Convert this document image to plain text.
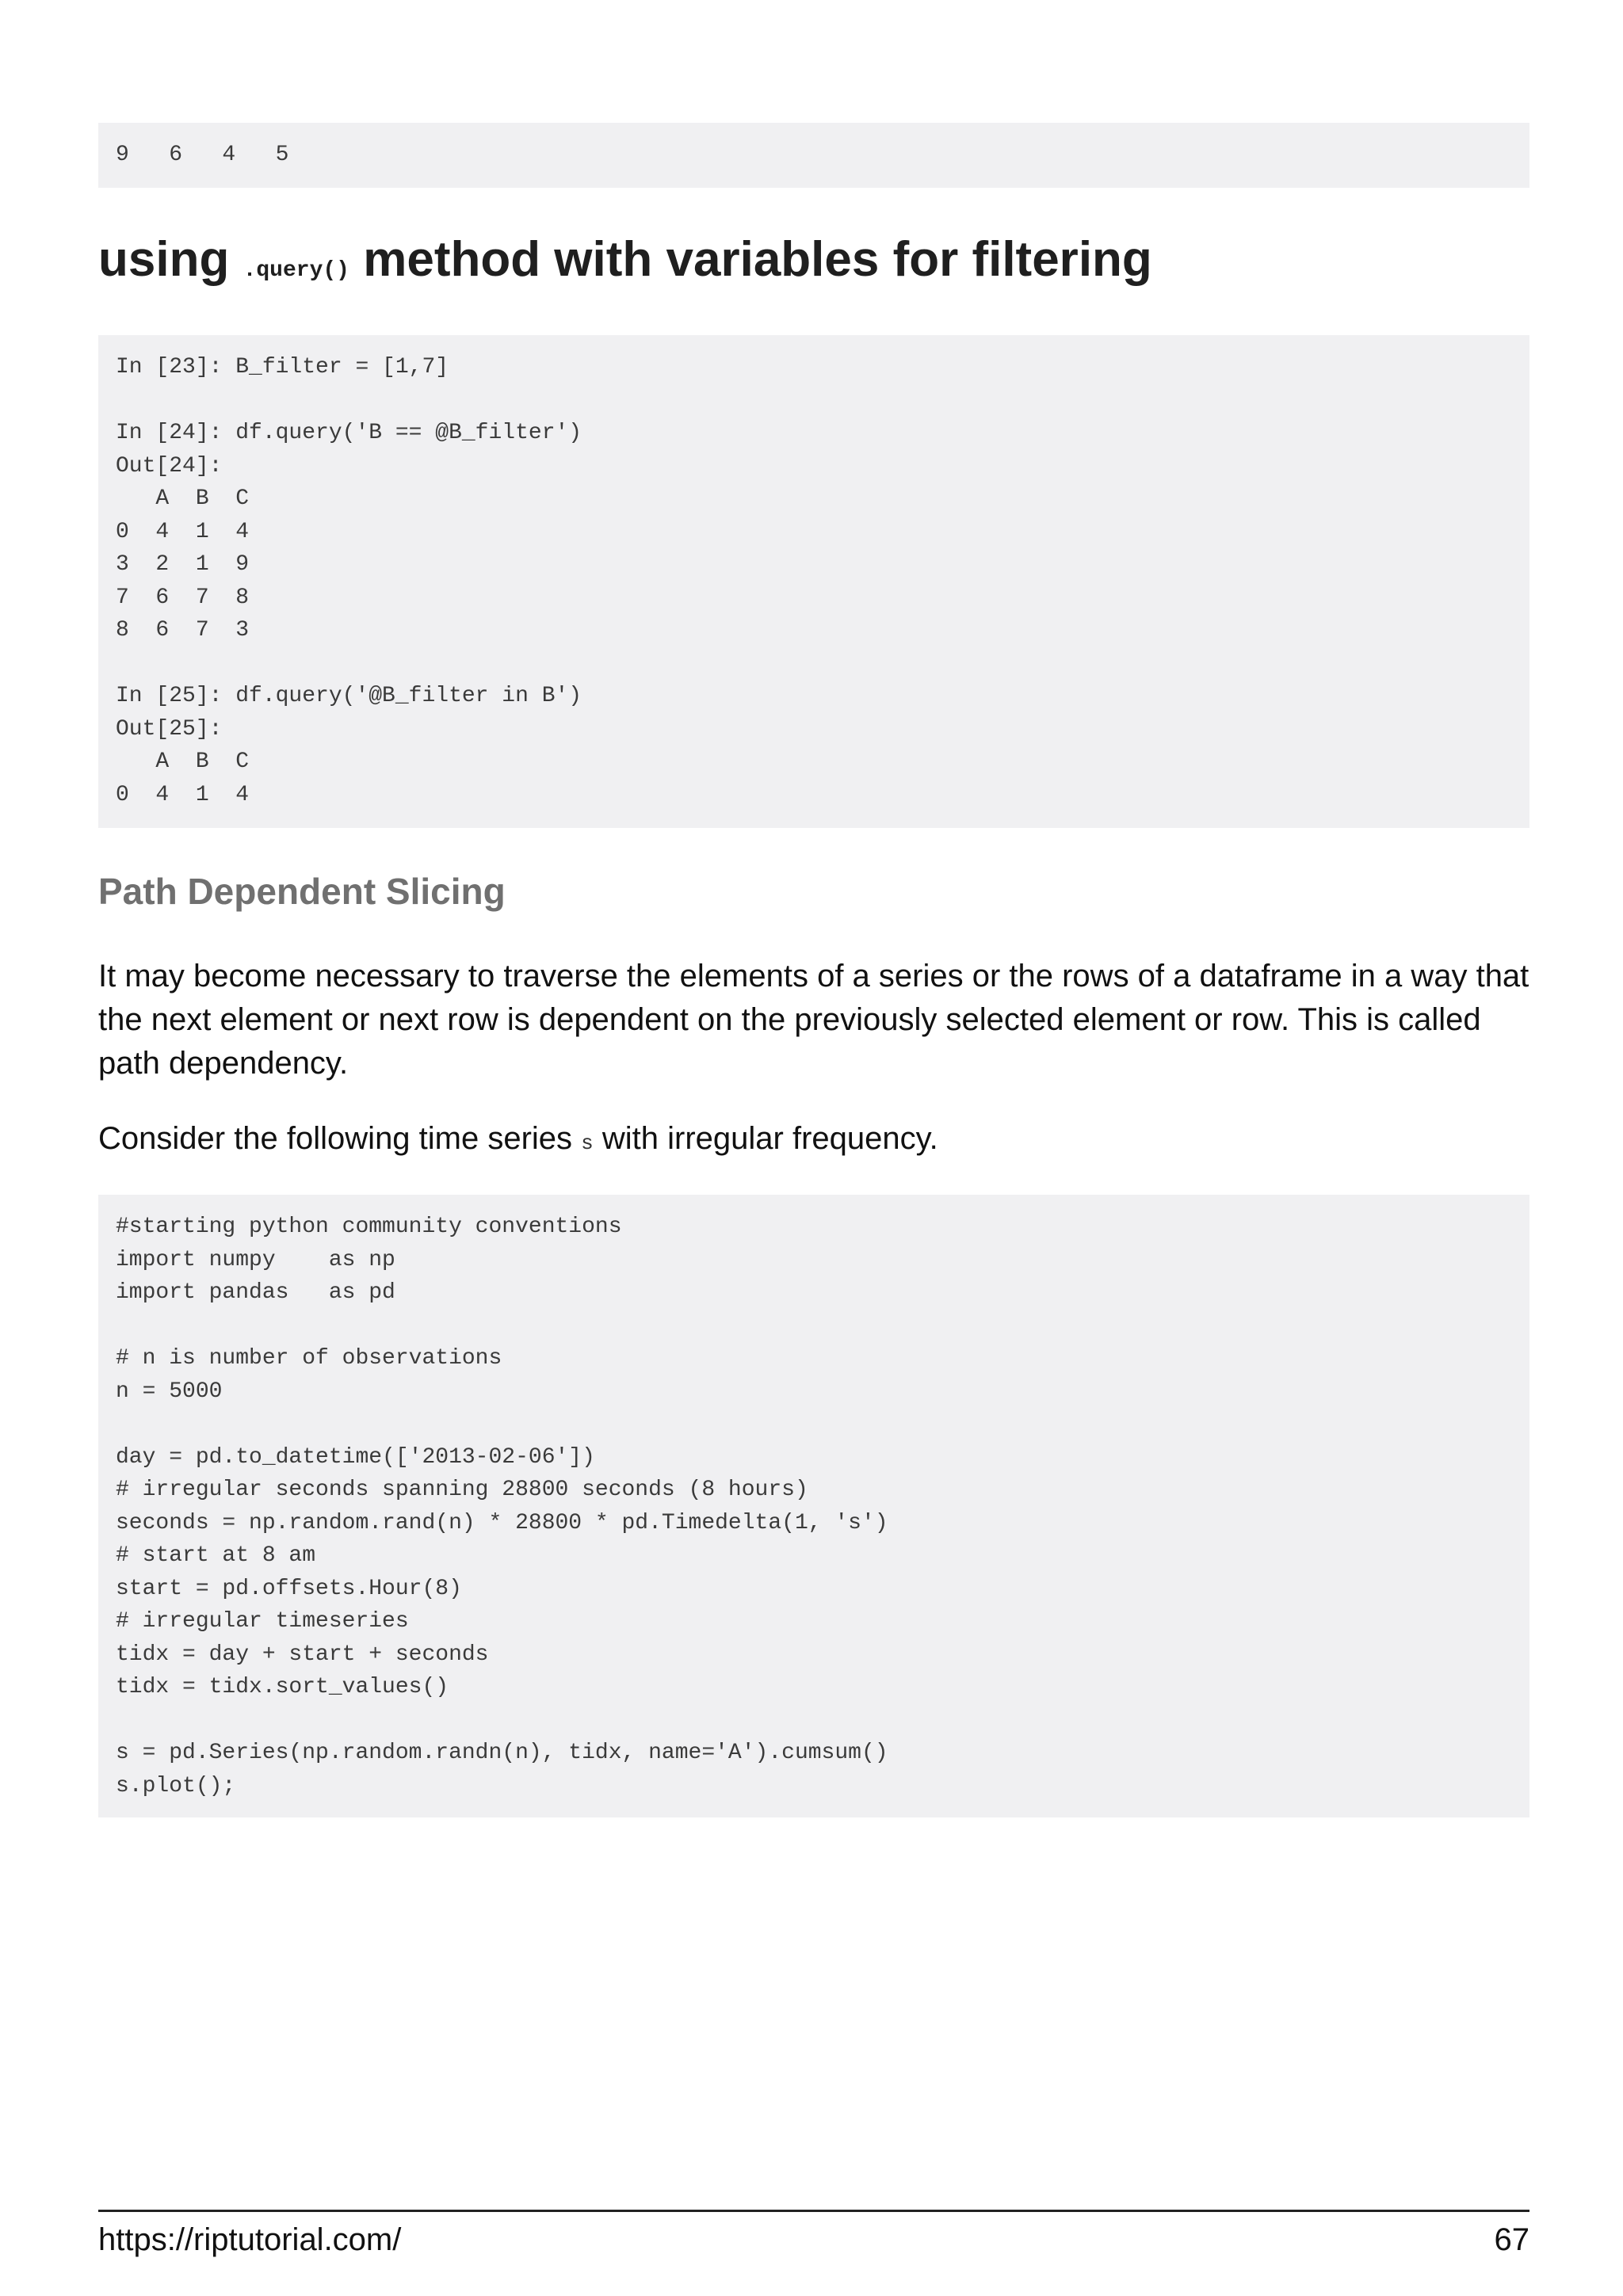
9   6   4   5
using .query() method with variables for filtering
In [23]: B_filter = [1,7]

In [24]: df.query('B == @B_filter')
Out[24]:
A  B  C
0  4  1  4
3  2  1  9
7  6  7  8
8  6  7  3

In [25]: df.query('@B_filter in B')
Out[25]:
A  B  C
0  4  1  4
Path Dependent Slicing

It may become necessary to traverse the elements of a series or the rows of a dataframe in a way that the next element or next row is dependent on the previously selected element or row. This is called path dependency.

Consider the following time series s with irregular frequency.

#starting python community conventions
import numpy    as np
import pandas   as pd

# n is number of observations
n = 5000

day = pd.to_datetime(['2013-02-06'])
# irregular seconds spanning 28800 seconds (8 hours)
seconds = np.random.rand(n) * 28800 * pd.Timedelta(1, 's')
# start at 8 am
start = pd.offsets.Hour(8)
# irregular timeseries
tidx = day + start + seconds
tidx = tidx.sort_values()

s = pd.Series(np.random.randn(n), tidx, name='A').cumsum()
s.plot();
https://riptutorial.com/	67
